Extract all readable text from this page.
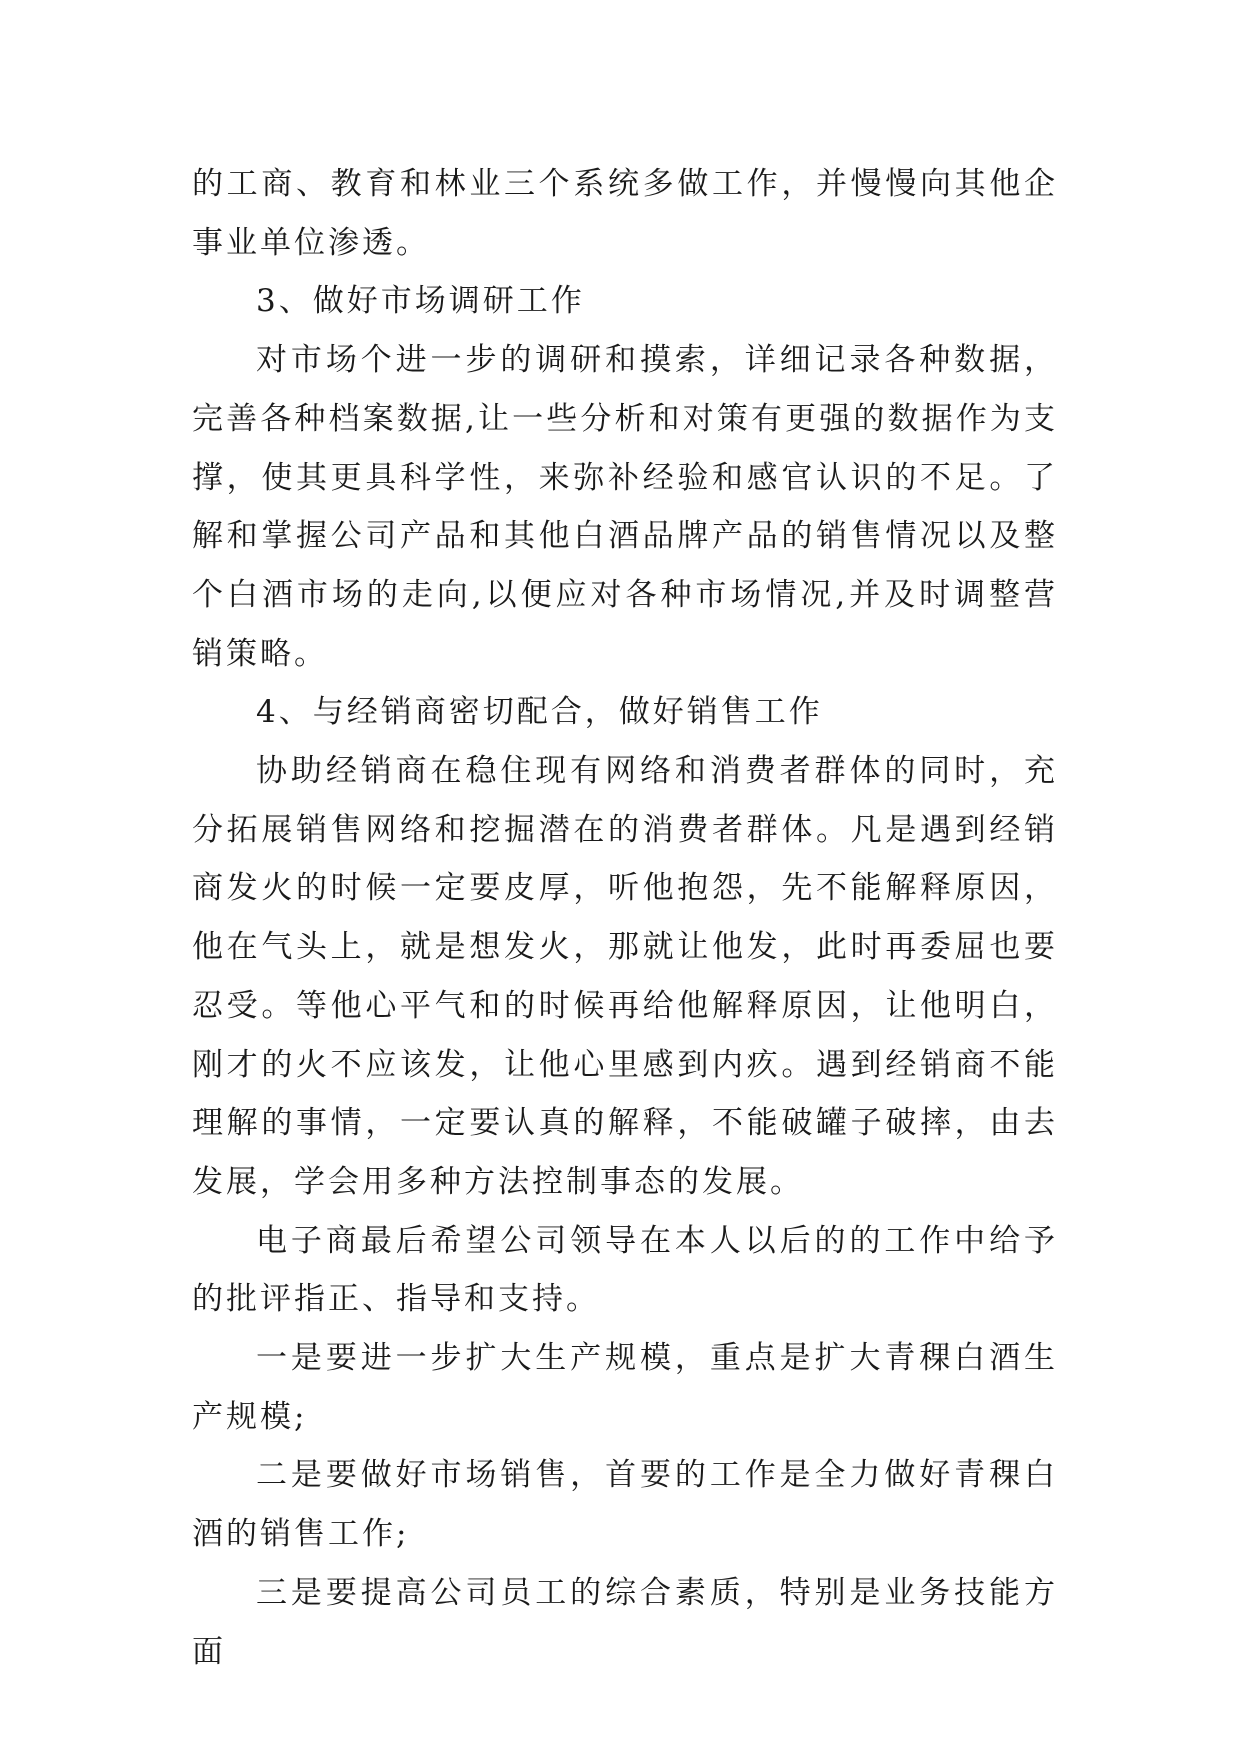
的工商、教育和林业三个系统多做工作，并慢慢向其他企事业单位渗透。

3、做好市场调研工作

对市场个进一步的调研和摸索，详细记录各种数据，完善各种档案数据,让一些分析和对策有更强的数据作为支撑，使其更具科学性，来弥补经验和感官认识的不足。了解和掌握公司产品和其他白酒品牌产品的销售情况以及整个白酒市场的走向,以便应对各种市场情况,并及时调整营销策略。

4、与经销商密切配合，做好销售工作

协助经销商在稳住现有网络和消费者群体的同时，充分拓展销售网络和挖掘潜在的消费者群体。凡是遇到经销商发火的时候一定要皮厚，听他抱怨，先不能解释原因，他在气头上，就是想发火，那就让他发，此时再委屈也要忍受。等他心平气和的时候再给他解释原因，让他明白，刚才的火不应该发，让他心里感到内疚。遇到经销商不能理解的事情，一定要认真的解释，不能破罐子破摔，由去发展，学会用多种方法控制事态的发展。

电子商最后希望公司领导在本人以后的的工作中给予的批评指正、指导和支持。

一是要进一步扩大生产规模，重点是扩大青稞白酒生产规模;

二是要做好市场销售，首要的工作是全力做好青稞白酒的销售工作;

三是要提高公司员工的综合素质，特别是业务技能方面
